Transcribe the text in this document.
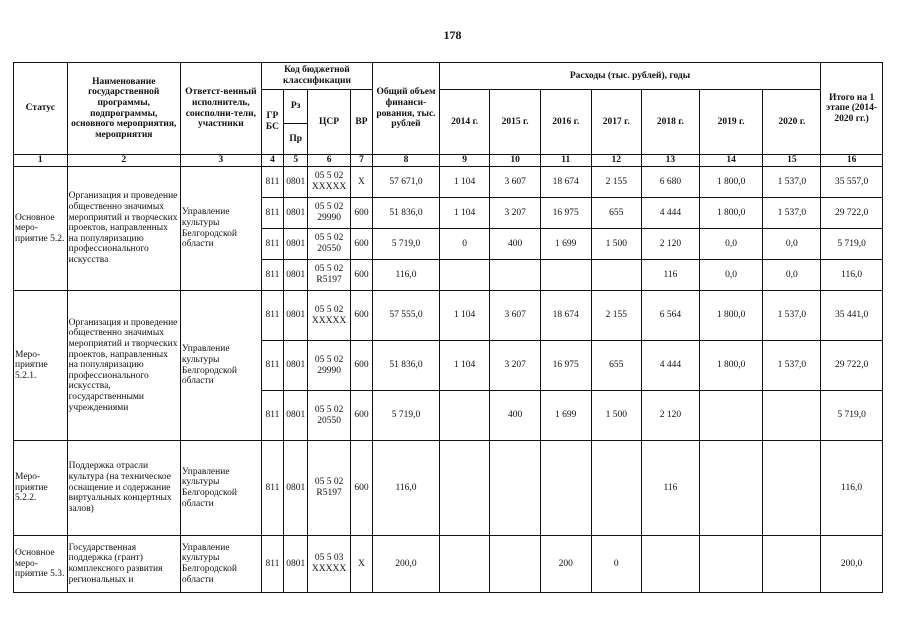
178
Статус	Наименование государственной программы, подпрограммы, основного мероприятия, мероприятия	Ответст-венный исполнитель, соисполни-тели, участники	Код бюджетной классификации				Общий объем финанси-рования, тыс. рублей	Расходы (тыс. рублей), годы							Итого на 1 этапе (2014-2020 гг.)
			ГР БС	Рз	ЦСР	ВР		2014 г.	2015 г.	2016 г.	2017 г.	2018 г.	2019 г.	2020 г.	
				Пр											
1	2	3	4	5	6	7	8	9	10	11	12	13	14	15	16
Основное меро-приятие 5.2.	Организация и проведение общественно значимых мероприятий и творческих проектов, направленных на популяризацию профессионального искусства	Управление культуры Белгородской области	811	0801	05 5 02 XXXXX	X	57 671,0	1 104	3 607	18 674	2 155	6 680	1 800,0	1 537,0	35 557,0
			811	0801	05 5 02 29990	600	51 836,0	1 104	3 207	16 975	655	4 444	1 800,0	1 537,0	29 722,0
			811	0801	05 5 02 20550	600	5 719,0	0	400	1 699	1 500	2 120	0,0	0,0	5 719,0
			811	0801	05 5 02 R5197	600	116,0					116	0,0	0,0	116,0
Меро-приятие 5.2.1.	Организация и проведение общественно значимых мероприятий и творческих проектов, направленных на популяризацию профессионального искусства, государственными учреждениями	Управление культуры Белгородской области	811	0801	05 5 02 XXXXX	600	57 555,0	1 104	3 607	18 674	2 155	6 564	1 800,0	1 537,0	35 441,0
			811	0801	05 5 02 29990	600	51 836,0	1 104	3 207	16 975	655	4 444	1 800,0	1 537,0	29 722,0
			811	0801	05 5 02 20550	600	5 719,0		400	1 699	1 500	2 120			5 719,0
Меро-приятие 5.2.2.	Поддержка отрасли культура (на техническое оснащение и содержание виртуальных концертных залов)	Управление культуры Белгородской области	811	0801	05 5 02 R5197	600	116,0					116			116,0
Основное меро-приятие 5.3.	Государственная поддержка (грант) комплексного развития региональных и	Управление культуры Белгородской области	811	0801	05 5 03 XXXXX	X	200,0			200	0				200,0
